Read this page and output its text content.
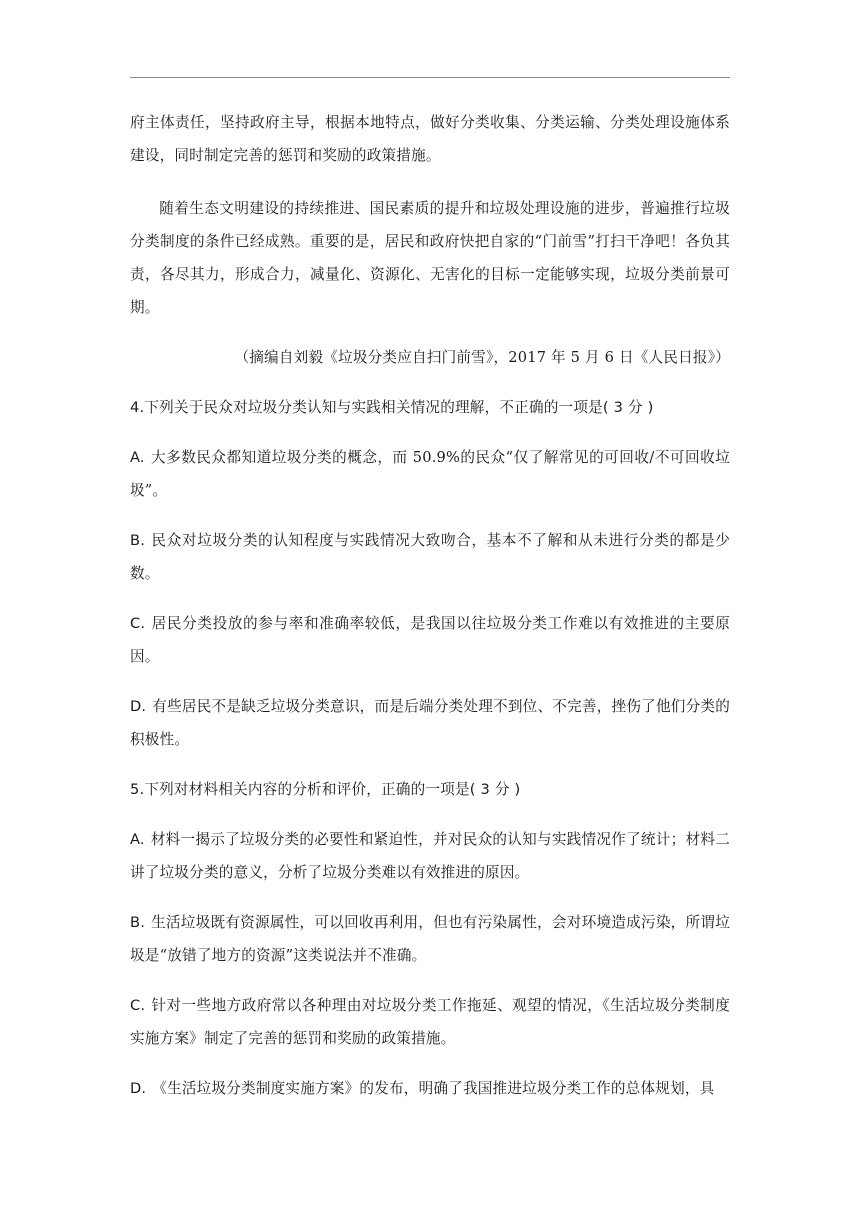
府主体责任，坚持政府主导，根据本地特点，做好分类收集、分类运输、分类处理设施体系建设，同时制定完善的惩罚和奖励的政策措施。

随着生态文明建设的持续推进、国民素质的提升和垃圾处理设施的进步，普遍推行垃圾分类制度的条件已经成熟。重要的是，居民和政府快把自家的“门前雪”打扫干净吧！各负其责，各尽其力，形成合力，减量化、资源化、无害化的目标一定能够实现，垃圾分类前景可期。

（摘编自刘毅《垃圾分类应自扫门前雪》，2017 年 5 月 6 日《人民日报》）

4.下列关于民众对垃圾分类认知与实践相关情况的理解，不正确的一项是( 3 分 )

A. 大多数民众都知道垃圾分类的概念，而 50.9%的民众“仅了解常见的可回收/不可回收垃圾”。

B. 民众对垃圾分类的认知程度与实践情况大致吻合，基本不了解和从未进行分类的都是少数。

C. 居民分类投放的参与率和准确率较低，是我国以往垃圾分类工作难以有效推进的主要原因。

D. 有些居民不是缺乏垃圾分类意识，而是后端分类处理不到位、不完善，挫伤了他们分类的积极性。

5.下列对材料相关内容的分析和评价，正确的一项是( 3 分 )

A. 材料一揭示了垃圾分类的必要性和紧迫性，并对民众的认知与实践情况作了统计；材料二讲了垃圾分类的意义，分析了垃圾分类难以有效推进的原因。

B. 生活垃圾既有资源属性，可以回收再利用，但也有污染属性，会对环境造成污染，所谓垃圾是“放错了地方的资源”这类说法并不准确。

C. 针对一些地方政府常以各种理由对垃圾分类工作拖延、观望的情况，《生活垃圾分类制度实施方案》制定了完善的惩罚和奖励的政策措施。

D. 《生活垃圾分类制度实施方案》的发布，明确了我国推进垃圾分类工作的总体规划，具
